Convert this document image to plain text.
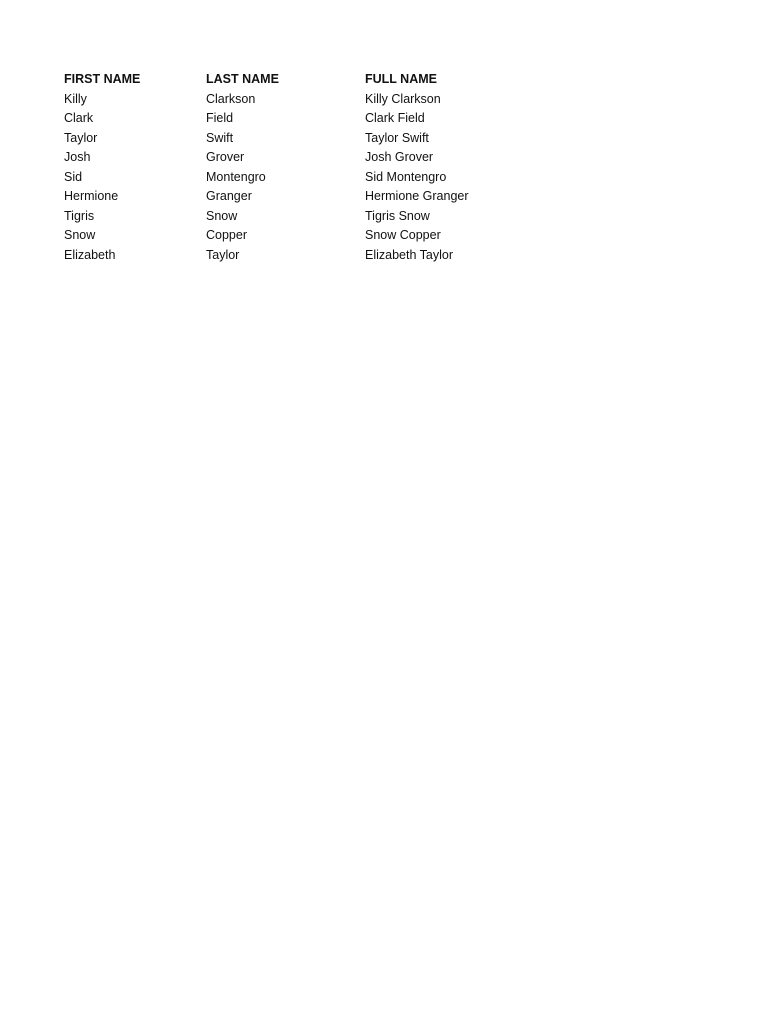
FIRST NAME	LAST NAME	FULL NAME
Killy	Clarkson	Killy Clarkson
Clark	Field	Clark Field
Taylor	Swift	Taylor Swift
Josh	Grover	Josh Grover
Sid	Montengro	Sid Montengro
Hermione	Granger	Hermione Granger
Tigris	Snow	Tigris Snow
Snow	Copper	Snow Copper
Elizabeth	Taylor	Elizabeth Taylor
